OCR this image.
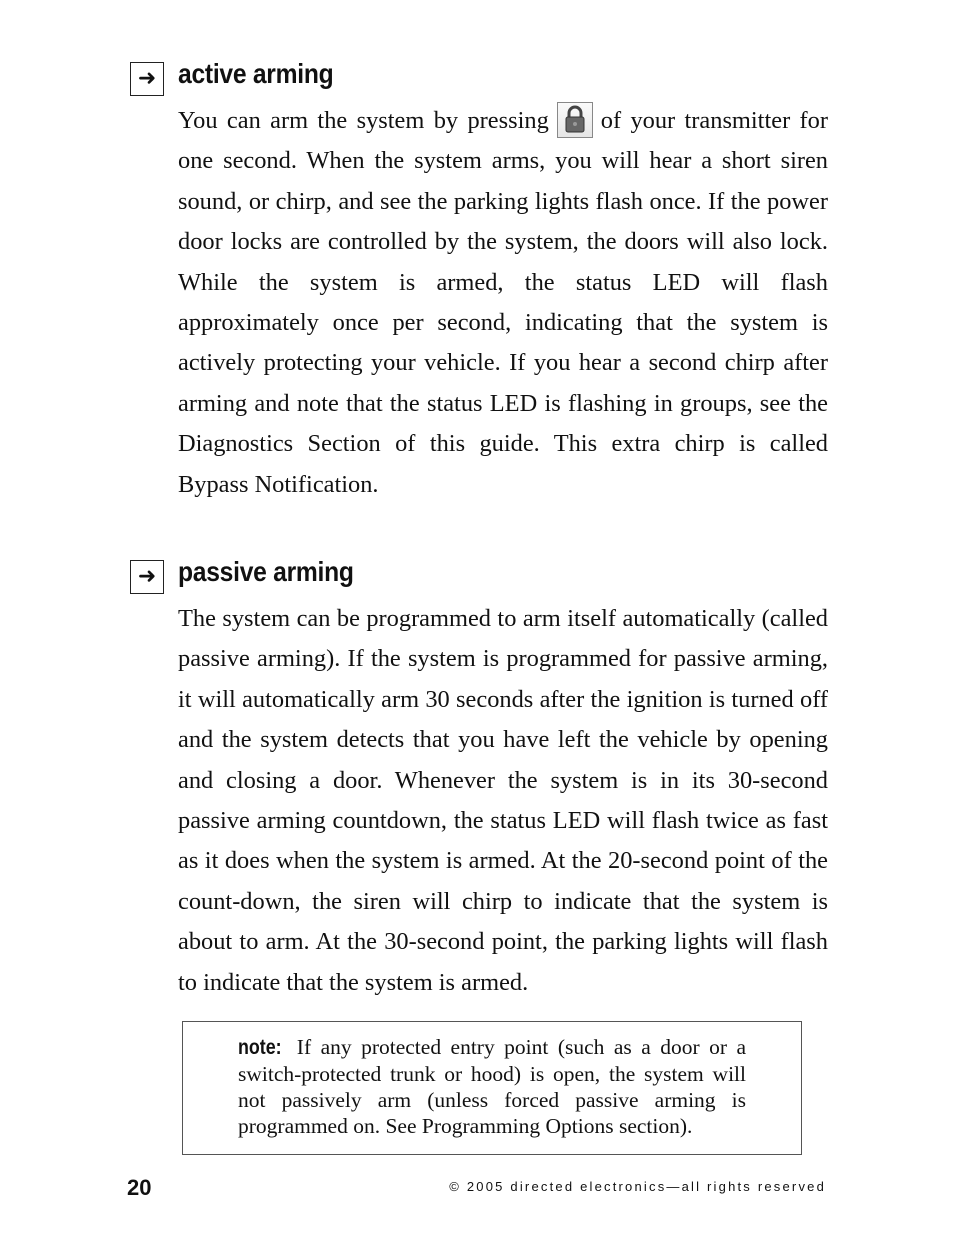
➜ active arming

You can arm the system by pressing of your transmitter for one second. When the system arms, you will hear a short siren sound, or chirp, and see the parking lights flash once. If the power door locks are controlled by the system, the doors will also lock. While the system is armed, the status LED will flash approximately once per second, indicating that the system is actively protecting your vehicle. If you hear a second chirp after arming and note that the status LED is flashing in groups, see the Diagnostics Section of this guide. This extra chirp is called Bypass Notification.

➜ passive arming

The system can be programmed to arm itself automatically (called passive arming). If the system is programmed for passive arming, it will automatically arm 30 seconds after the ignition is turned off and the system detects that you have left the vehicle by opening and closing a door. Whenever the system is in its 30-second passive arming countdown, the status LED will flash twice as fast as it does when the system is armed. At the 20-second point of the count-down, the siren will chirp to indicate that the system is about to arm. At the 30-second point, the parking lights will flash to indicate that the system is armed.

note: If any protected entry point (such as a door or a switch-protected trunk or hood) is open, the system will not passively arm (unless forced passive arming is programmed on. See Programming Options section).
20	© 2005 directed electronics—all rights reserved
